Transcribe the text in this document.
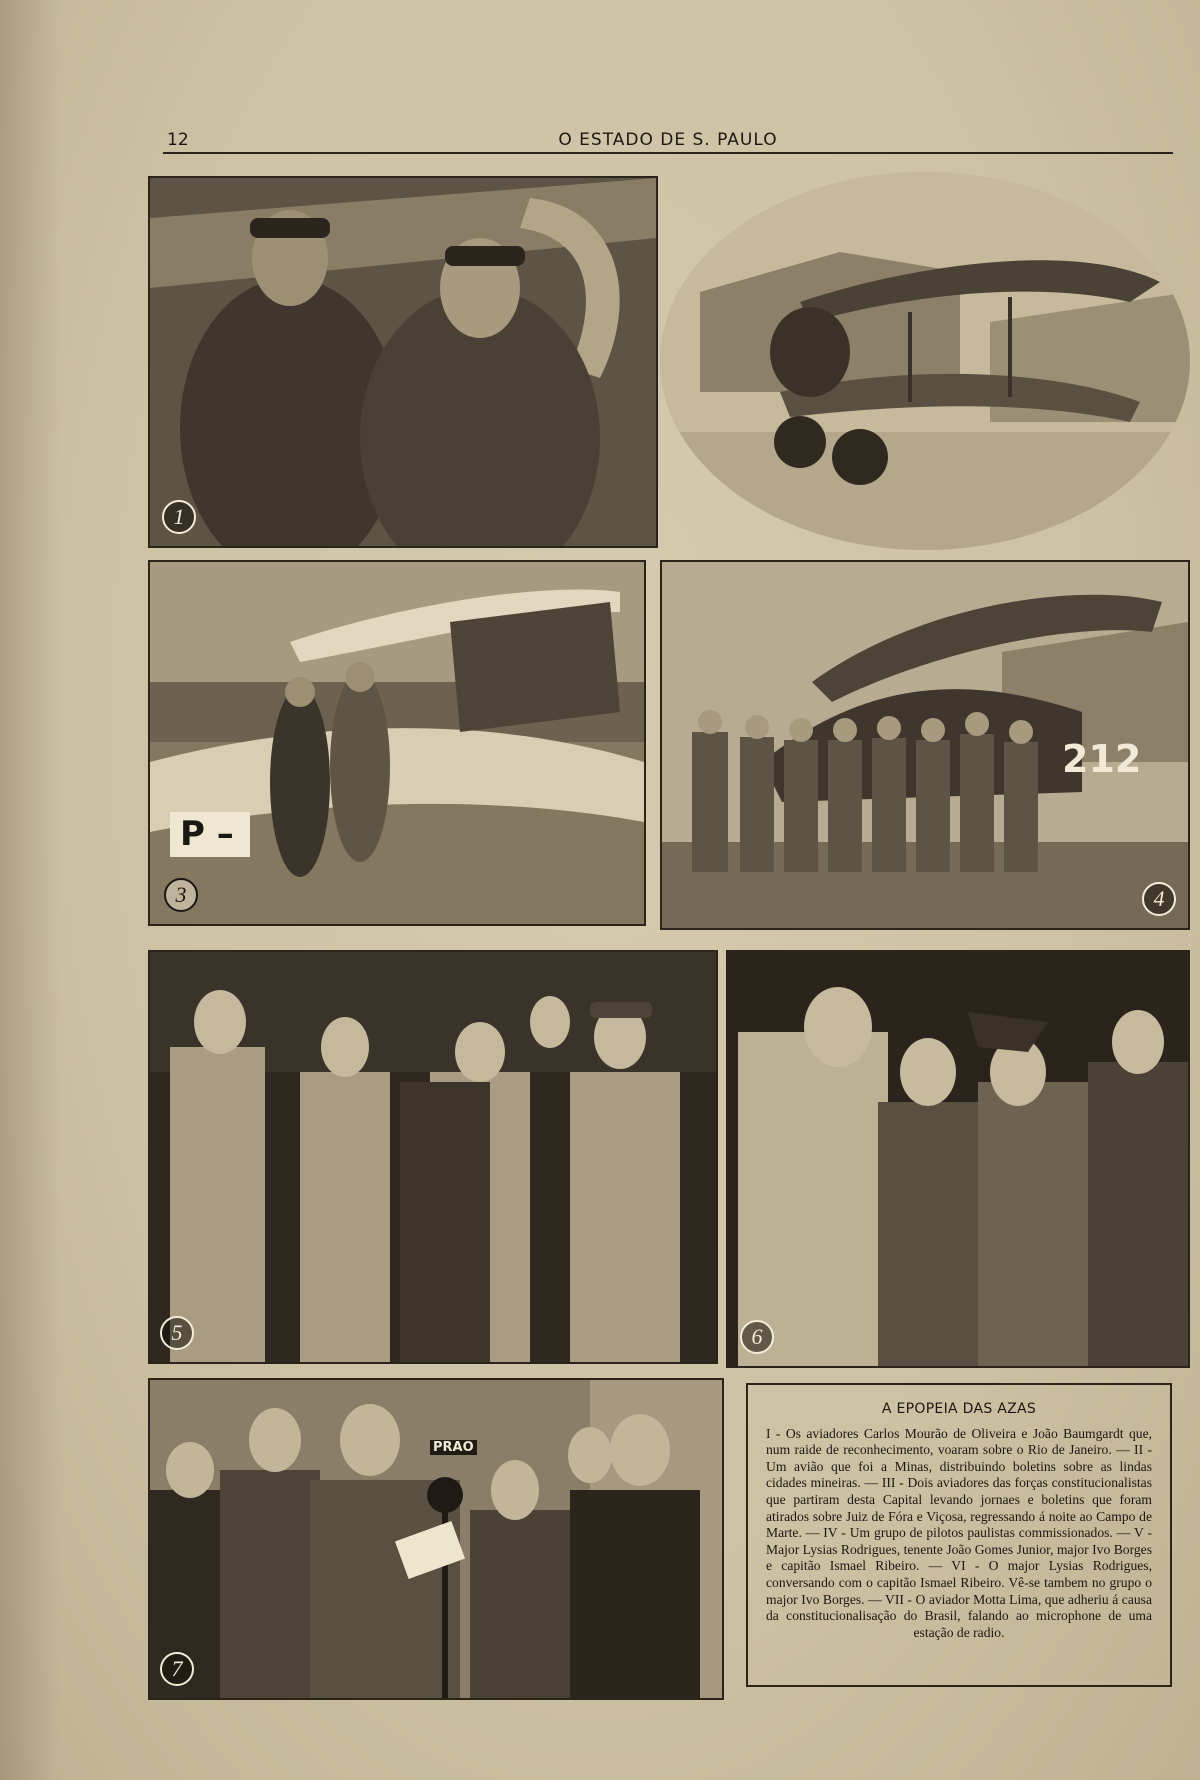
12	O ESTADO DE S. PAULO
1	2
P –
3
212
4
5	6
PRAO
7
A EPOPEIA DAS AZAS
I - Os aviadores Carlos Mourão de Oliveira e João Baumgardt que, num raide de reconhecimento, voaram sobre o Rio de Janeiro. — II - Um avião que foi a Minas, distribuindo boletins sobre as lindas cidades mineiras. — III - Dois aviadores das forças constitucionalistas que partiram desta Capital levando jornaes e boletins que foram atirados sobre Juiz de Fóra e Viçosa, regressando á noite ao Campo de Marte. — IV - Um grupo de pilotos paulistas commissionados. — V - Major Lysias Rodrigues, tenente João Gomes Junior, major Ivo Borges e capitão Ismael Ribeiro. — VI - O major Lysias Rodrigues, conversando com o capitão Ismael Ribeiro. Vê-se tambem no grupo o major Ivo Borges. — VII - O aviador Motta Lima, que adheriu á causa da constitucionalisação do Brasil, falando ao microphone de uma estação de radio.
